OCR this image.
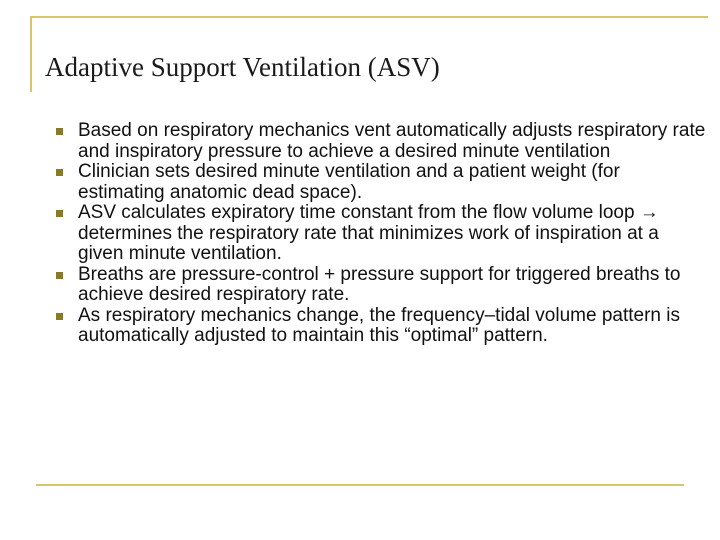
Adaptive Support Ventilation (ASV)
Based on respiratory mechanics vent automatically adjusts respiratory rate and inspiratory pressure to achieve a desired minute ventilation
Clinician sets desired minute ventilation and a patient weight (for estimating anatomic dead space).
ASV calculates expiratory time constant from the flow volume loop → determines the respiratory rate that minimizes work of inspiration at a given minute ventilation.
Breaths are pressure-control + pressure support for triggered breaths to achieve desired respiratory rate.
As respiratory mechanics change, the frequency–tidal volume pattern is automatically adjusted to maintain this “optimal” pattern.
